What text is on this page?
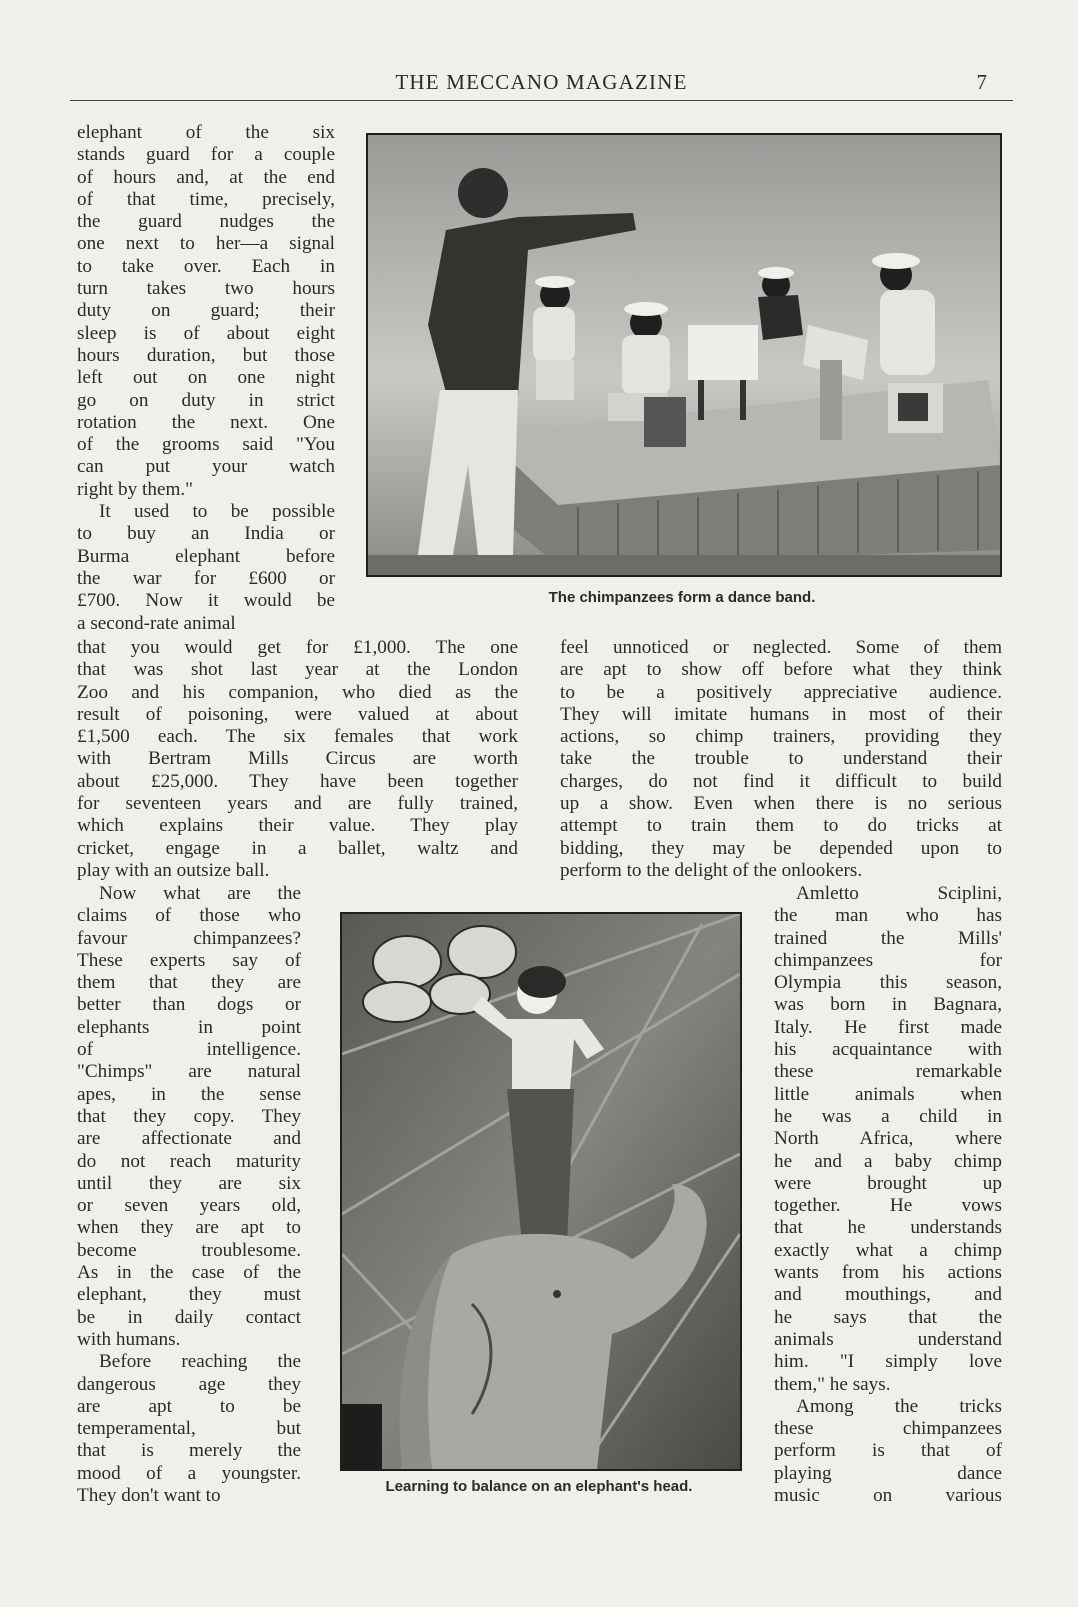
THE MECCANO MAGAZINE	7
elephant of the six
stands guard for a couple
of hours and, at the end
of that time, precisely,
the guard nudges the
one next to her—a signal
to take over. Each in
turn takes two hours
duty on guard; their
sleep is of about eight
hours duration, but those
left out on one night
go on duty in strict
rotation the next. One
of the grooms said "You
can put your watch
right by them."
It used to be possible
to buy an India or
Burma elephant before
the war for £600 or
£700. Now it would be
a second-rate animal
that you would get for £1,000. The one
that was shot last year at the London
Zoo and his companion, who died as the
result of poisoning, were valued at about
£1,500 each. The six females that work
with Bertram Mills Circus are worth
about £25,000. They have been together
for seventeen years and are fully trained,
which explains their value. They play
cricket, engage in a ballet, waltz and
play with an outsize ball.
feel unnoticed or neglected. Some of them
are apt to show off before what they think
to be a positively appreciative audience.
They will imitate humans in most of their
actions, so chimp trainers, providing they
take the trouble to understand their
charges, do not find it difficult to build
up a show. Even when there is no serious
attempt to train them to do tricks at
bidding, they may be depended upon to
perform to the delight of the onlookers.
Now what are the
claims of those who
favour chimpanzees?
These experts say of
them that they are
better than dogs or
elephants in point
of intelligence.
"Chimps" are natural
apes, in the sense
that they copy. They
are affectionate and
do not reach maturity
until they are six
or seven years old,
when they are apt to
become troublesome.
As in the case of the
elephant, they must
be in daily contact
with humans.
Before reaching the
dangerous age they
are apt to be
temperamental, but
that is merely the
mood of a youngster.
They don't want to
Amletto Sciplini,
the man who has
trained the Mills'
chimpanzees for
Olympia this season,
was born in Bagnara,
Italy. He first made
his acquaintance with
these remarkable
little animals when
he was a child in
North Africa, where
he and a baby chimp
were brought up
together. He vows
that he understands
exactly what a chimp
wants from his actions
and mouthings, and
he says that the
animals understand
him. "I simply love
them," he says.
Among the tricks
these chimpanzees
perform is that of
playing dance
music on various
The chimpanzees form a dance band.
Learning to balance on an elephant's head.
